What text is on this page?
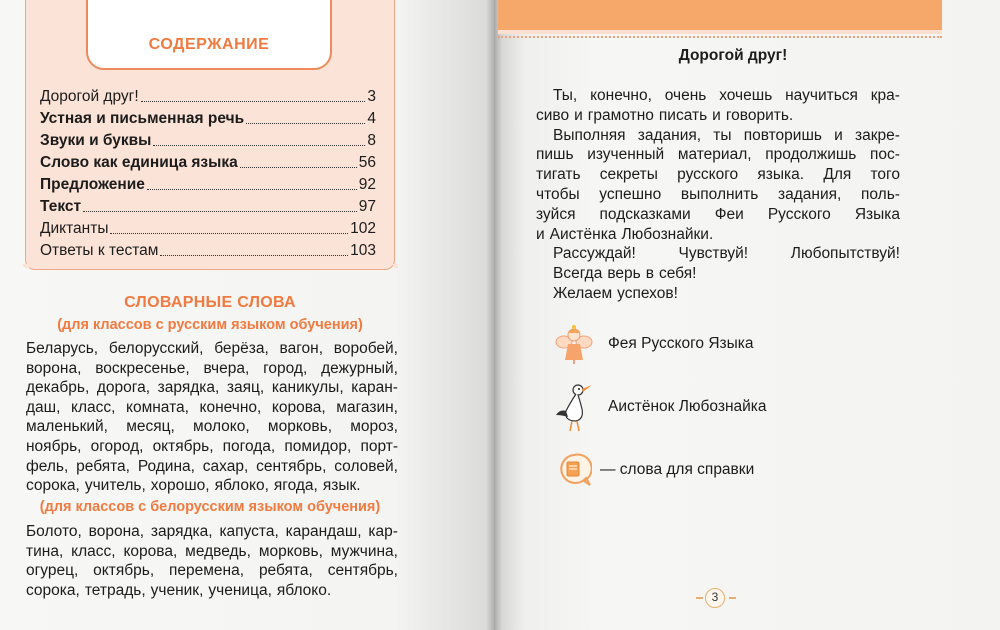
СОДЕРЖАНИЕ
Дорогой друг!	3
Устная и письменная речь	4
Звуки и буквы	8
Слово как единица языка	56
Предложение	92
Текст	97
Диктанты	102
Ответы к тестам	103
СЛОВАРНЫЕ СЛОВА
(для классов с русским языком обучения)
Беларусь, белорусский, берёза, вагон, воробей,
ворона, воскресенье, вчера, город, дежурный,
декабрь, дорога, зарядка, заяц, каникулы, каран-
даш, класс, комната, конечно, корова, магазин,
маленький, месяц, молоко, морковь, мороз,
ноябрь, огород, октябрь, погода, помидор, порт-
фель, ребята, Родина, сахар, сентябрь, соловей,
сорока, учитель, хорошо, яблоко, ягода, язык.
(для классов с белорусским языком обучения)
Болото, ворона, зарядка, капуста, карандаш, кар-
тина, класс, корова, медведь, морковь, мужчина,
огурец, октябрь, перемена, ребята, сентябрь,
сорока, тетрадь, ученик, ученица, яблоко.
Дорогой друг!
Ты, конечно, очень хочешь научиться кра-
сиво и грамотно писать и говорить.
Выполняя задания, ты повторишь и закре-
пишь изученный материал, продолжишь пос-
тигать секреты русского языка. Для того
чтобы успешно выполнить задания, поль-
зуйся подсказками Феи Русского Языка
и Аистёнка Любознайки.
Рассуждай!	Чувствуй!	Любопытствуй!
Всегда верь в себя!
Желаем успехов!
Фея Русского Языка
Аистёнок Любознайка
— слова для справки
3
